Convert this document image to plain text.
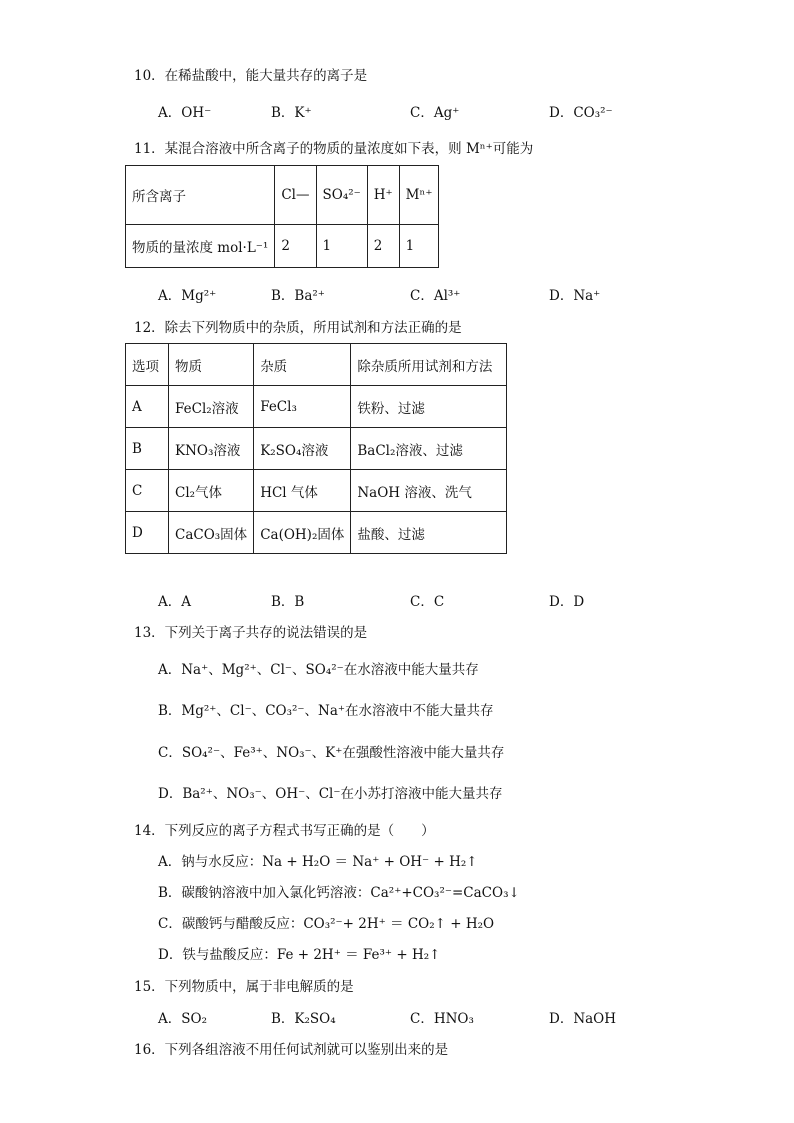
10．在稀盐酸中，能大量共存的离子是
A．OH⁻	B．K⁺	C．Ag⁺	D．CO₃²⁻
11．某混合溶液中所含离子的物质的量浓度如下表，则 Mⁿ⁺可能为
所含离子	Cl—	SO₄²⁻	H⁺	Mⁿ⁺
物质的量浓度 mol·L⁻¹	2	1	2	1
A．Mg²⁺	B．Ba²⁺	C．Al³⁺	D．Na⁺
12．除去下列物质中的杂质，所用试剂和方法正确的是
选项	物质	杂质	除杂质所用试剂和方法
A	FeCl₂溶液	FeCl₃	铁粉、过滤
B	KNO₃溶液	K₂SO₄溶液	BaCl₂溶液、过滤
C	Cl₂气体	HCl 气体	NaOH 溶液、洗气
D	CaCO₃固体	Ca(OH)₂固体	盐酸、过滤
A．A	B．B	C．C	D．D
13．下列关于离子共存的说法错误的是
A．Na⁺、Mg²⁺、Cl⁻、SO₄²⁻在水溶液中能大量共存
B．Mg²⁺、Cl⁻、CO₃²⁻、Na⁺在水溶液中不能大量共存
C．SO₄²⁻、Fe³⁺、NO₃⁻、K⁺在强酸性溶液中能大量共存
D．Ba²⁺、NO₃⁻、OH⁻、Cl⁻在小苏打溶液中能大量共存
14．下列反应的离子方程式书写正确的是（　　）
A．钠与水反应：Na + H₂O ＝ Na⁺ + OH⁻ + H₂↑
B．碳酸钠溶液中加入氯化钙溶液：Ca²⁺+CO₃²⁻=CaCO₃↓
C．碳酸钙与醋酸反应：CO₃²⁻+ 2H⁺ ＝ CO₂↑ + H₂O
D．铁与盐酸反应：Fe + 2H⁺ ＝ Fe³⁺ + H₂↑
15．下列物质中，属于非电解质的是
A．SO₂	B．K₂SO₄	C．HNO₃	D．NaOH
16．下列各组溶液不用任何试剂就可以鉴别出来的是
